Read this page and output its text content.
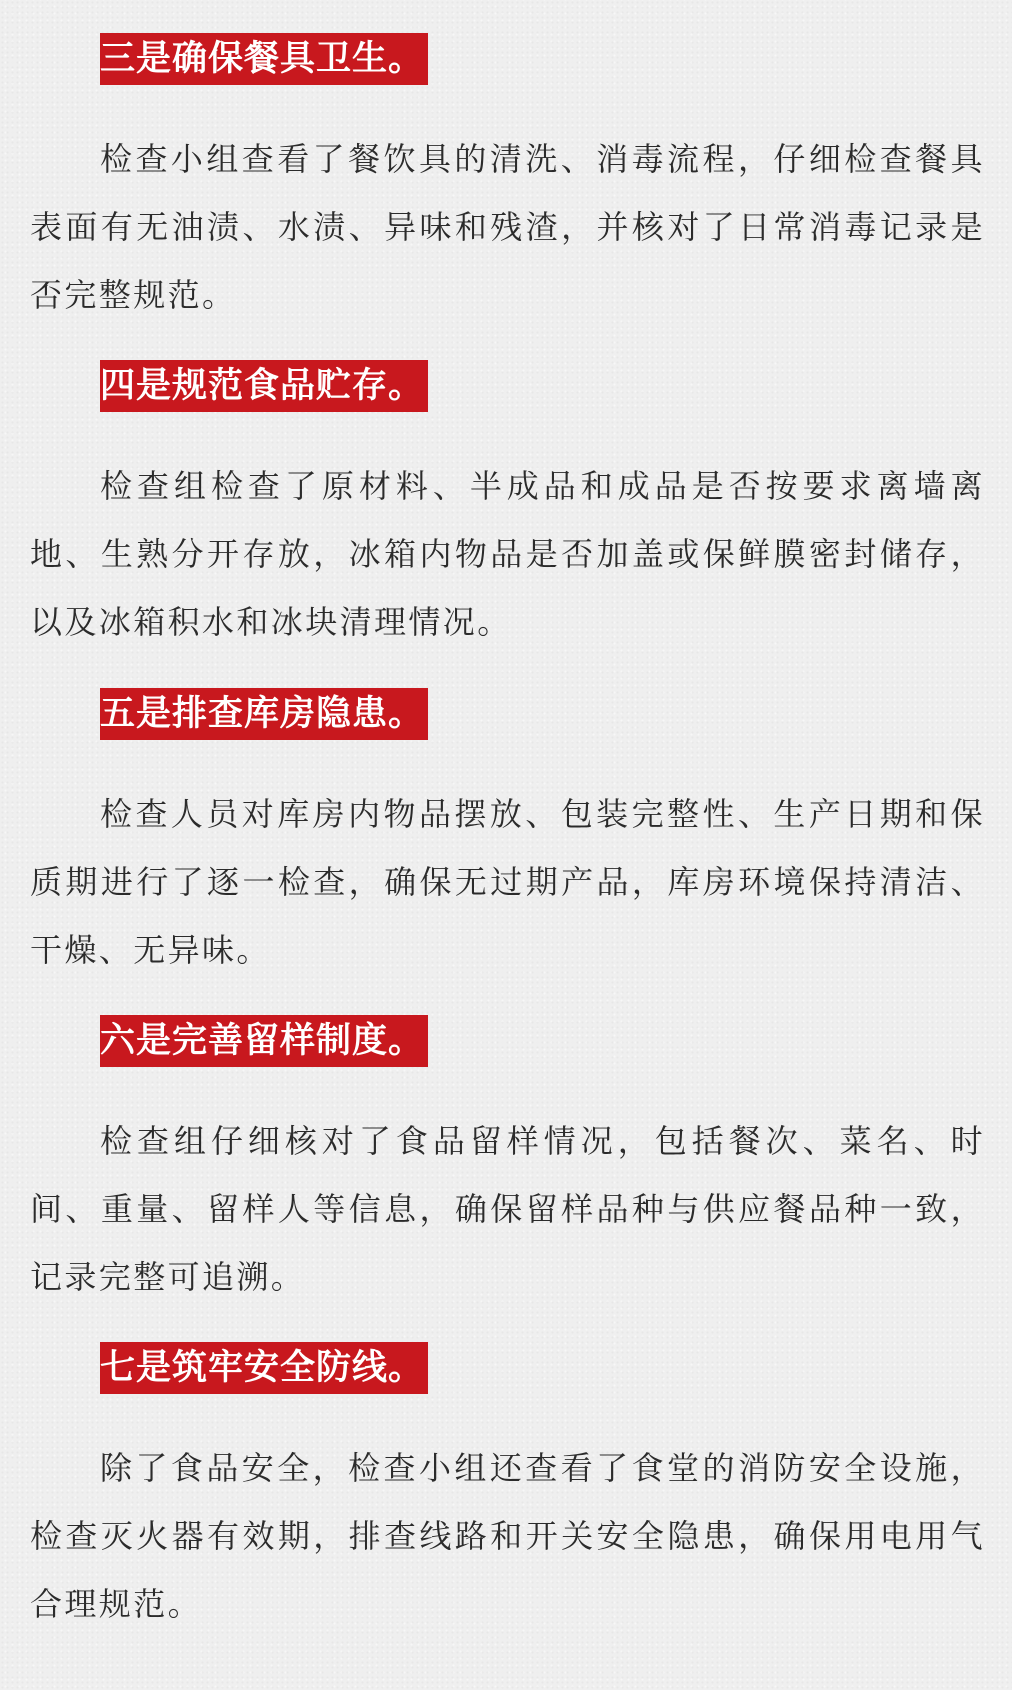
三是确保餐具卫生。

检查小组查看了餐饮具的清洗、消毒流程，仔细检查餐具表面有无油渍、水渍、异味和残渣，并核对了日常消毒记录是否完整规范。

四是规范食品贮存。

检查组检查了原材料、半成品和成品是否按要求离墙离地、生熟分开存放，冰箱内物品是否加盖或保鲜膜密封储存，以及冰箱积水和冰块清理情况。

五是排查库房隐患。

检查人员对库房内物品摆放、包装完整性、生产日期和保质期进行了逐一检查，确保无过期产品，库房环境保持清洁、干燥、无异味。

六是完善留样制度。

检查组仔细核对了食品留样情况，包括餐次、菜名、时间、重量、留样人等信息，确保留样品种与供应餐品种一致，记录完整可追溯。

七是筑牢安全防线。

除了食品安全，检查小组还查看了食堂的消防安全设施，检查灭火器有效期，排查线路和开关安全隐患，确保用电用气合理规范。
